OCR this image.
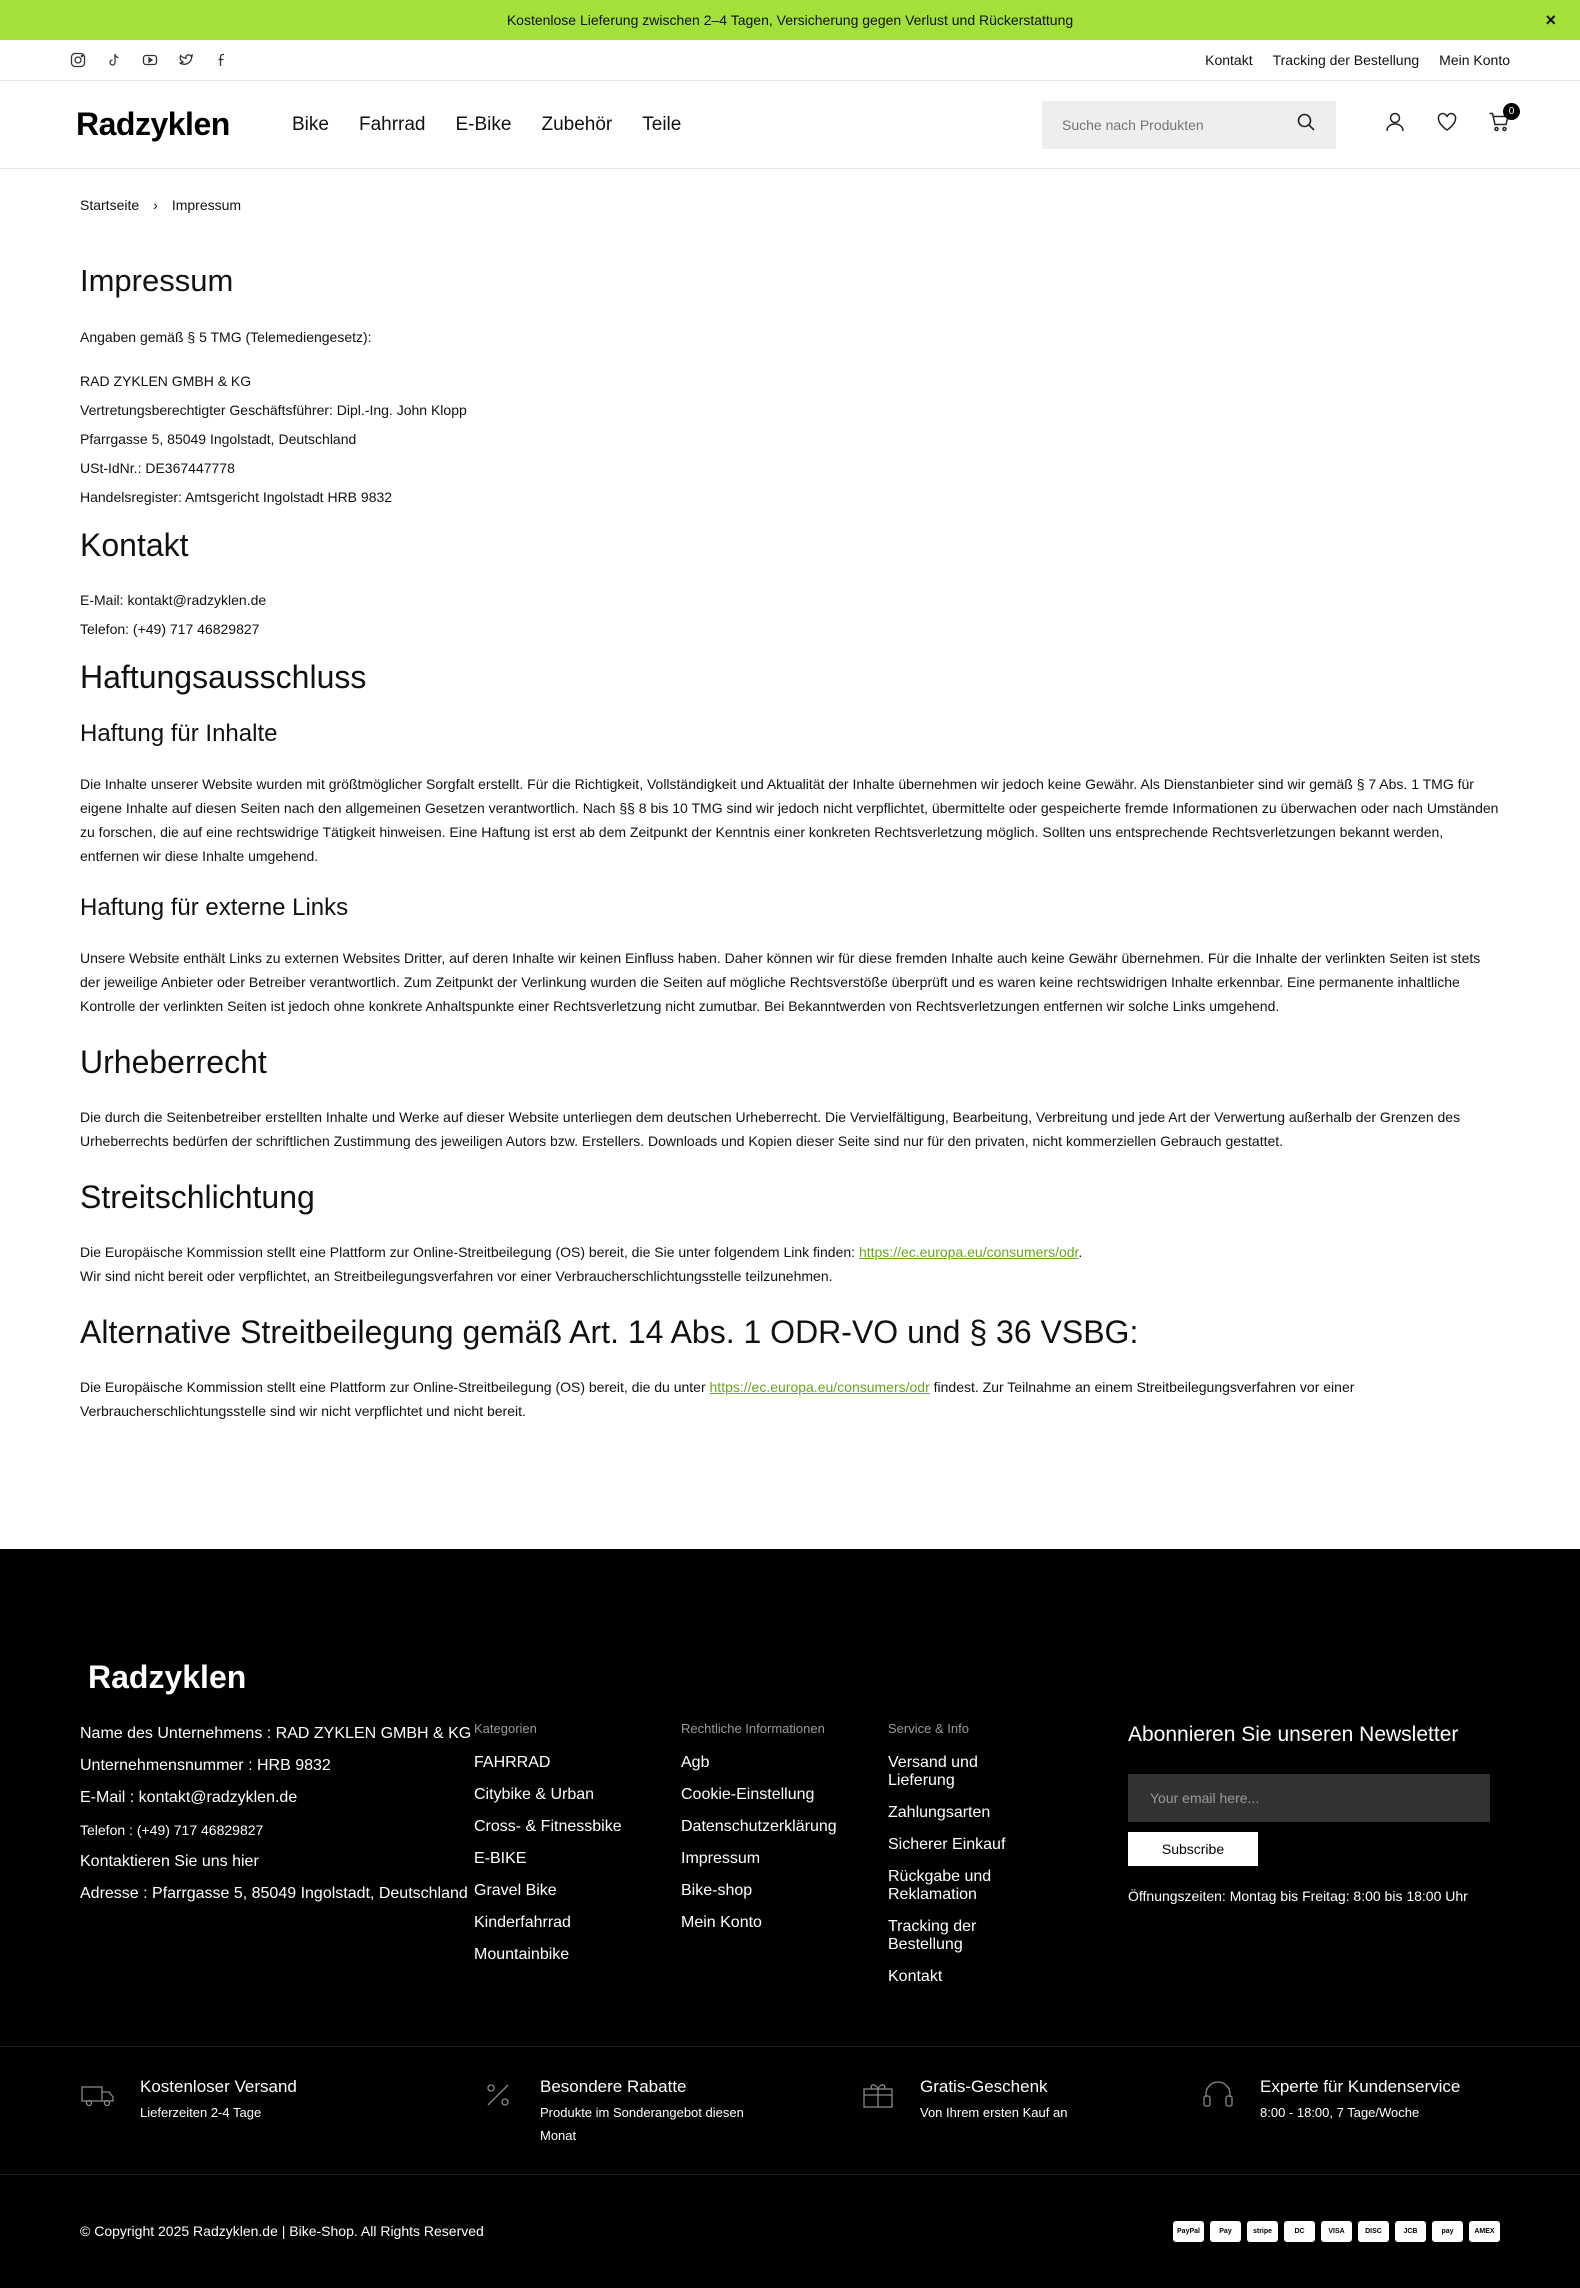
Kostenlose Lieferung zwischen 2–4 Tagen, Versicherung gegen Verlust und Rückerstattung	×
Kontakt Tracking der Bestellung Mein Konto
Radzyklen	Bike Fahrrad E-Bike Zubehör Teile
Suche nach Produkten
0
Startseite › Impressum
Impressum

Angaben gemäß § 5 TMG (Telemediengesetz):

RAD ZYKLEN GMBH & KG

Vertretungsberechtigter Geschäftsführer: Dipl.-Ing. John Klopp

Pfarrgasse 5, 85049 Ingolstadt, Deutschland

USt-IdNr.: DE367447778

Handelsregister: Amtsgericht Ingolstadt HRB 9832

Kontakt

E-Mail: kontakt@radzyklen.de

Telefon: (+49) 717 46829827

Haftungsausschluss
Haftung für Inhalte

Die Inhalte unserer Website wurden mit größtmöglicher Sorgfalt erstellt. Für die Richtigkeit, Vollständigkeit und Aktualität der Inhalte übernehmen wir jedoch keine Gewähr. Als Dienstanbieter sind wir gemäß § 7 Abs. 1 TMG für eigene Inhalte auf diesen Seiten nach den allgemeinen Gesetzen verantwortlich. Nach §§ 8 bis 10 TMG sind wir jedoch nicht verpflichtet, übermittelte oder gespeicherte fremde Informationen zu überwachen oder nach Umständen zu forschen, die auf eine rechtswidrige Tätigkeit hinweisen. Eine Haftung ist erst ab dem Zeitpunkt der Kenntnis einer konkreten Rechtsverletzung möglich. Sollten uns entsprechende Rechtsverletzungen bekannt werden, entfernen wir diese Inhalte umgehend.

Haftung für externe Links

Unsere Website enthält Links zu externen Websites Dritter, auf deren Inhalte wir keinen Einfluss haben. Daher können wir für diese fremden Inhalte auch keine Gewähr übernehmen. Für die Inhalte der verlinkten Seiten ist stets der jeweilige Anbieter oder Betreiber verantwortlich. Zum Zeitpunkt der Verlinkung wurden die Seiten auf mögliche Rechtsverstöße überprüft und es waren keine rechtswidrigen Inhalte erkennbar. Eine permanente inhaltliche Kontrolle der verlinkten Seiten ist jedoch ohne konkrete Anhaltspunkte einer Rechtsverletzung nicht zumutbar. Bei Bekanntwerden von Rechtsverletzungen entfernen wir solche Links umgehend.

Urheberrecht

Die durch die Seitenbetreiber erstellten Inhalte und Werke auf dieser Website unterliegen dem deutschen Urheberrecht. Die Vervielfältigung, Bearbeitung, Verbreitung und jede Art der Verwertung außerhalb der Grenzen des Urheberrechts bedürfen der schriftlichen Zustimmung des jeweiligen Autors bzw. Erstellers. Downloads und Kopien dieser Seite sind nur für den privaten, nicht kommerziellen Gebrauch gestattet.

Streitschlichtung

Die Europäische Kommission stellt eine Plattform zur Online-Streitbeilegung (OS) bereit, die Sie unter folgendem Link finden: https://ec.europa.eu/consumers/odr.

Wir sind nicht bereit oder verpflichtet, an Streitbeilegungsverfahren vor einer Verbraucherschlichtungsstelle teilzunehmen.

Alternative Streitbeilegung gemäß Art. 14 Abs. 1 ODR-VO und § 36 VSBG:

Die Europäische Kommission stellt eine Plattform zur Online-Streitbeilegung (OS) bereit, die du unter https://ec.europa.eu/consumers/odr findest. Zur Teilnahme an einem Streitbeilegungsverfahren vor einer Verbraucherschlichtungsstelle sind wir nicht verpflichtet und nicht bereit.

Radzyklen
Name des Unternehmens : RAD ZYKLEN GMBH & KG
Unternehmensnummer : HRB 9832
E-Mail : kontakt@radzyklen.de
Telefon : (+49) 717 46829827
Kontaktieren Sie uns hier
Adresse : Pfarrgasse 5, 85049 Ingolstadt, Deutschland
Kategorien
FAHRRAD
Citybike & Urban
Cross- & Fitnessbike
E-BIKE
Gravel Bike
Kinderfahrrad
Mountainbike
Rechtliche Informationen
Agb
Cookie-Einstellung
Datenschutzerklärung
Impressum
Bike-shop
Mein Konto
Service & Info
Versand und Lieferung
Zahlungsarten
Sicherer Einkauf
Rückgabe und Reklamation
Tracking der Bestellung
Kontakt
Abonnieren Sie unseren Newsletter
Your email here...
Subscribe
Öffnungszeiten: Montag bis Freitag: 8:00 bis 18:00 Uhr
Kostenloser Versand
Lieferzeiten 2-4 Tage
Besondere Rabatte
Produkte im Sonderangebot diesen Monat
Gratis-Geschenk
Von Ihrem ersten Kauf an
Experte für Kundenservice
8:00 - 18:00, 7 Tage/Woche
© Copyright 2025 Radzyklen.de | Bike-Shop. All Rights Reserved	PayPal	Pay	stripe	DC	VISA	DISC	JCB	pay	AMEX
